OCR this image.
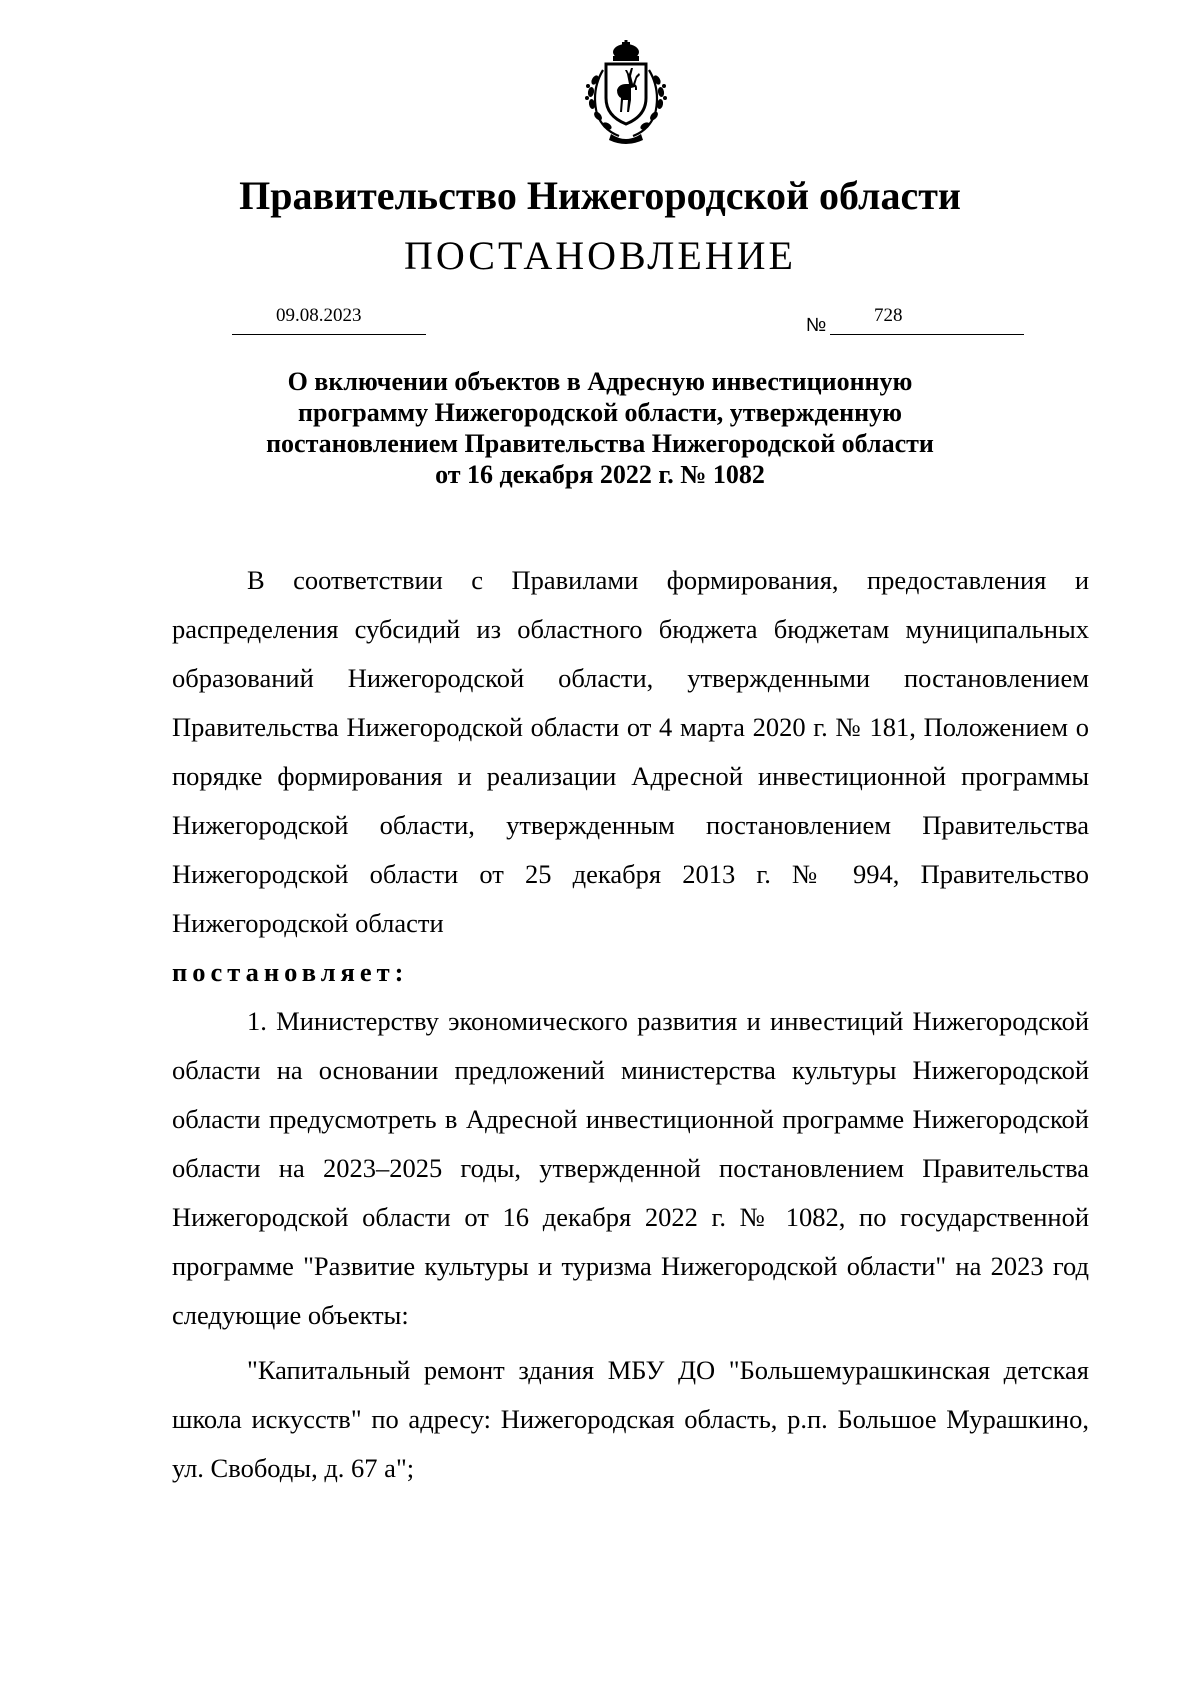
Правительство Нижегородской области
ПОСТАНОВЛЕНИЕ
09.08.2023	№	728
О включении объектов в Адресную инвестиционную
программу Нижегородской области, утвержденную
постановлением Правительства Нижегородской области
от 16 декабря 2022 г. № 1082

В соответствии с Правилами формирования, предоставления и распределения субсидий из областного бюджета бюджетам муниципальных образований Нижегородской области, утвержденными постановлением Правительства Нижегородской области от 4 марта 2020 г. № 181, Положением о порядке формирования и реализации Адресной инвестиционной программы Нижегородской области, утвержденным постановлением Правительства Нижегородской области от 25 декабря 2013 г. № 994, Правительство Нижегородской области

постановляет:

1. Министерству экономического развития и инвестиций Нижегородской области на основании предложений министерства культуры Нижегородской области предусмотреть в Адресной инвестиционной программе Нижегородской области на 2023–2025 годы, утвержденной постановлением Правительства Нижегородской области от 16 декабря 2022 г. № 1082, по государственной программе "Развитие культуры и туризма Нижегородской области" на 2023 год следующие объекты:

"Капитальный ремонт здания МБУ ДО "Большемурашкинская детская школа искусств" по адресу: Нижегородская область, р.п. Большое Мурашкино, ул. Свободы, д. 67 а";
